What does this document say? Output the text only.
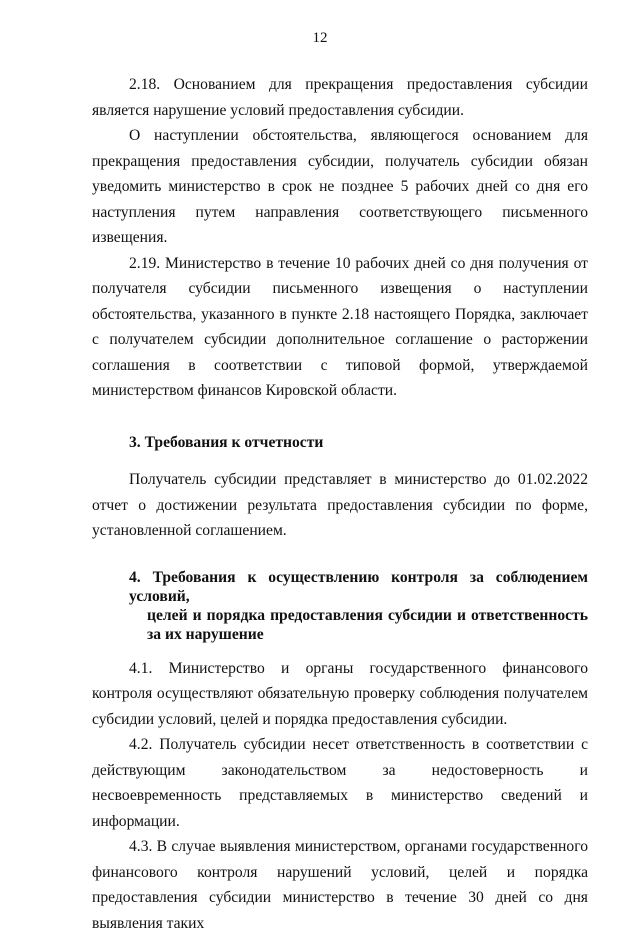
12

2.18. Основанием для прекращения предоставления субсидии является нарушение условий предоставления субсидии.

О наступлении обстоятельства, являющегося основанием для прекращения предоставления субсидии, получатель субсидии обязан уведомить министерство в срок не позднее 5 рабочих дней со дня его наступления путем направления соответствующего письменного извещения.

2.19. Министерство в течение 10 рабочих дней со дня получения от получателя субсидии письменного извещения о наступлении обстоятельства, указанного в пункте 2.18 настоящего Порядка, заключает с получателем субсидии дополнительное соглашение о расторжении соглашения в соответствии с типовой формой, утверждаемой министерством финансов Кировской области.

3. Требования к отчетности

Получатель субсидии представляет в министерство до 01.02.2022 отчет о достижении результата предоставления субсидии по форме, установленной соглашением.

4. Требования к осуществлению контроля за соблюдением условий,
целей и порядка предоставления субсидии и ответственность
за их нарушение

4.1. Министерство и органы государственного финансового контроля осуществляют обязательную проверку соблюдения получателем субсидии условий, целей и порядка предоставления субсидии.

4.2. Получатель субсидии несет ответственность в соответствии с действующим законодательством за недостоверность и несвоевременность представляемых в министерство сведений и информации.

4.3. В случае выявления министерством, органами государственного финансового контроля нарушений условий, целей и порядка предоставления субсидии министерство в течение 30 дней со дня выявления таких
